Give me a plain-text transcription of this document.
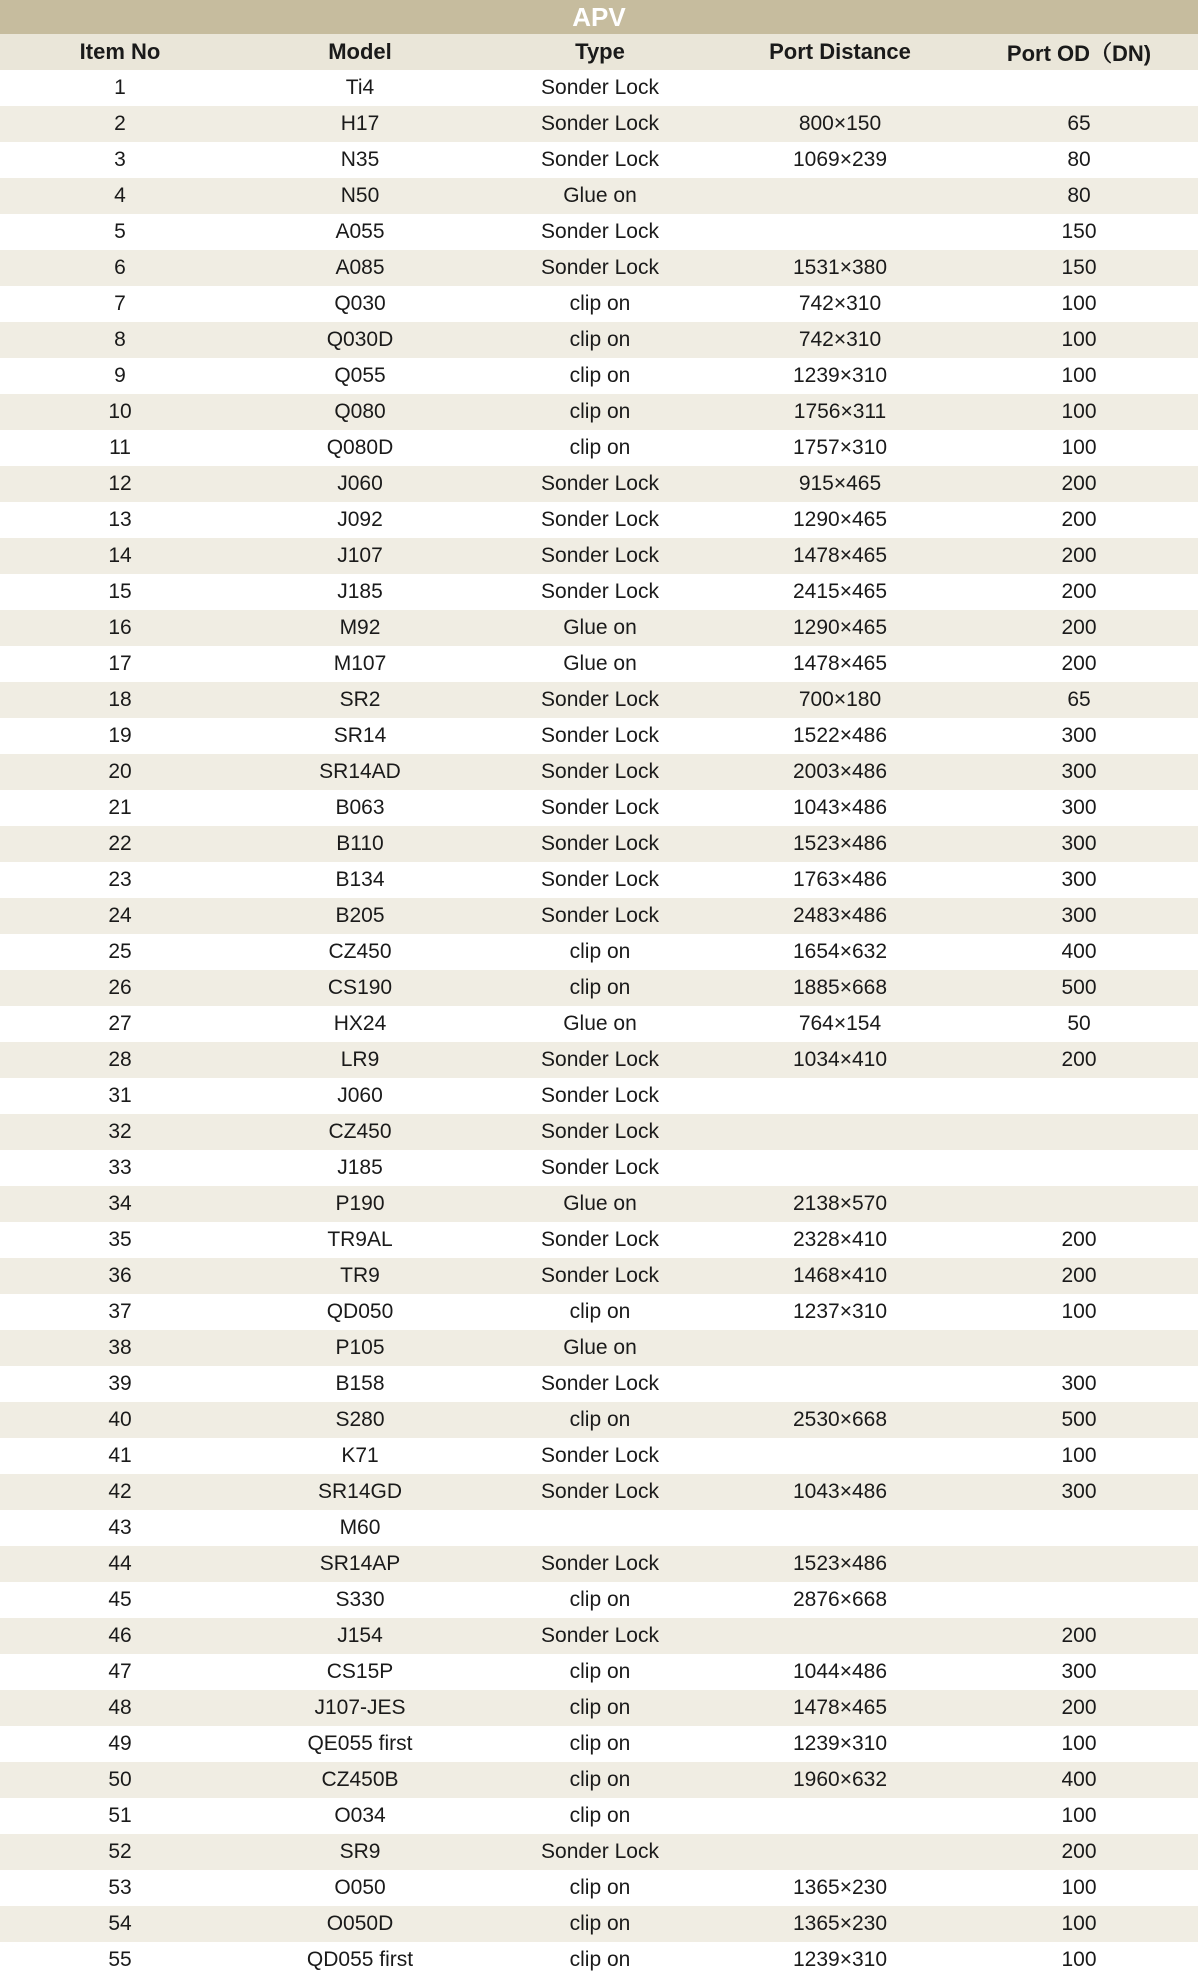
APV
Item No	Model	Type	Port Distance	Port OD（DN)
1	Ti4	Sonder Lock		
2	H17	Sonder Lock	800×150	65
3	N35	Sonder Lock	1069×239	80
4	N50	Glue on		80
5	A055	Sonder Lock		150
6	A085	Sonder Lock	1531×380	150
7	Q030	clip on	742×310	100
8	Q030D	clip on	742×310	100
9	Q055	clip on	1239×310	100
10	Q080	clip on	1756×311	100
11	Q080D	clip on	1757×310	100
12	J060	Sonder Lock	915×465	200
13	J092	Sonder Lock	1290×465	200
14	J107	Sonder Lock	1478×465	200
15	J185	Sonder Lock	2415×465	200
16	M92	Glue on	1290×465	200
17	M107	Glue on	1478×465	200
18	SR2	Sonder Lock	700×180	65
19	SR14	Sonder Lock	1522×486	300
20	SR14AD	Sonder Lock	2003×486	300
21	B063	Sonder Lock	1043×486	300
22	B110	Sonder Lock	1523×486	300
23	B134	Sonder Lock	1763×486	300
24	B205	Sonder Lock	2483×486	300
25	CZ450	clip on	1654×632	400
26	CS190	clip on	1885×668	500
27	HX24	Glue on	764×154	50
28	LR9	Sonder Lock	1034×410	200
31	J060	Sonder Lock		
32	CZ450	Sonder Lock		
33	J185	Sonder Lock		
34	P190	Glue on	2138×570	
35	TR9AL	Sonder Lock	2328×410	200
36	TR9	Sonder Lock	1468×410	200
37	QD050	clip on	1237×310	100
38	P105	Glue on		
39	B158	Sonder Lock		300
40	S280	clip on	2530×668	500
41	K71	Sonder Lock		100
42	SR14GD	Sonder Lock	1043×486	300
43	M60			
44	SR14AP	Sonder Lock	1523×486	
45	S330	clip on	2876×668	
46	J154	Sonder Lock		200
47	CS15P	clip on	1044×486	300
48	J107-JES	clip on	1478×465	200
49	QE055 first	clip on	1239×310	100
50	CZ450B	clip on	1960×632	400
51	O034	clip on		100
52	SR9	Sonder Lock		200
53	O050	clip on	1365×230	100
54	O050D	clip on	1365×230	100
55	QD055 first	clip on	1239×310	100
